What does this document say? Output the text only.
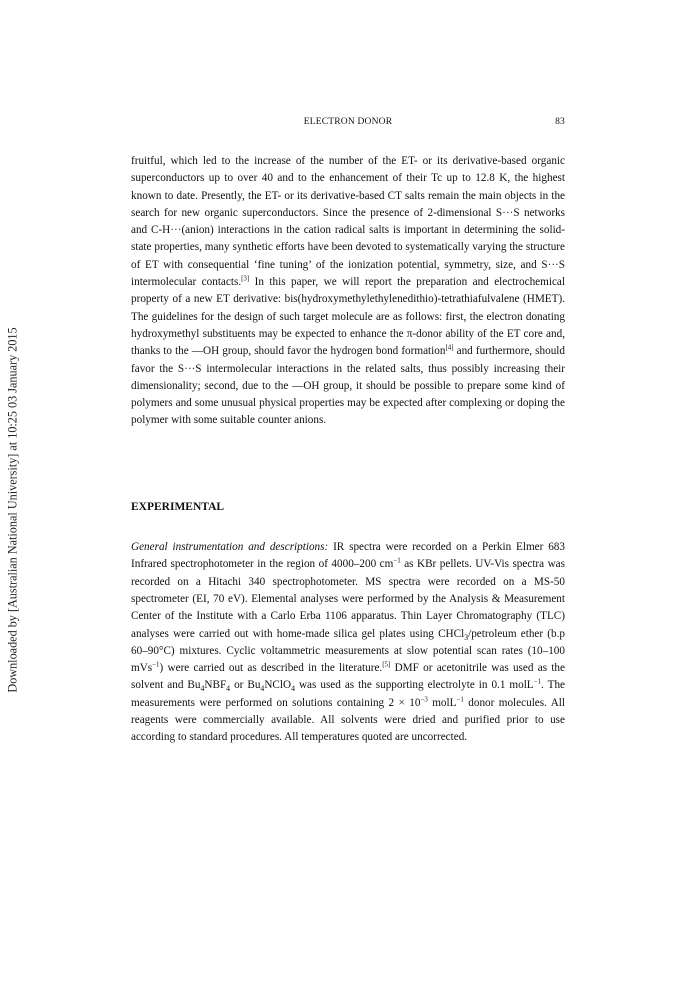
Downloaded by [Australian National University] at 10:25 03 January 2015
ELECTRON DONOR	83

fruitful, which led to the increase of the number of the ET- or its derivative-based organic superconductors up to over 40 and to the enhancement of their Tc up to 12.8 K, the highest known to date. Presently, the ET- or its derivative-based CT salts remain the main objects in the search for new organic superconductors. Since the presence of 2-dimensional S···S networks and C-H···(anion) interactions in the cation radical salts is important in determining the solid-state properties, many synthetic efforts have been devoted to systematically varying the structure of ET with consequential ‘fine tuning’ of the ionization potential, symmetry, size, and S···S intermolecular contacts.[3] In this paper, we will report the preparation and electrochemical property of a new ET derivative: bis(hydroxymethylethylenedithio)-tetrathiafulvalene (HMET). The guidelines for the design of such target molecule are as follows: first, the electron donating hydroxymethyl substituents may be expected to enhance the π-donor ability of the ET core and, thanks to the —OH group, should favor the hydrogen bond formation[4] and furthermore, should favor the S···S intermolecular interactions in the related salts, thus possibly increasing their dimensionality; second, due to the —OH group, it should be possible to prepare some kind of polymers and some unusual physical properties may be expected after complexing or doping the polymer with some suitable counter anions.

EXPERIMENTAL

General instrumentation and descriptions: IR spectra were recorded on a Perkin Elmer 683 Infrared spectrophotometer in the region of 4000–200 $cm^{-1}$ as KBr pellets. UV-Vis spectra was recorded on a Hitachi 340 spectrophotometer. MS spectra were recorded on a MS-50 spectrometer (EI, 70 eV). Elemental analyses were performed by the Analysis & Measurement Center of the Institute with a Carlo Erba 1106 apparatus. Thin Layer Chromatography (TLC) analyses were carried out with home-made silica gel plates using CHCl$_3$/petroleum ether (b.p 60–90°C) mixtures. Cyclic voltammetric measurements at slow potential scan rates (10–100 mVs$^{-1}$) were carried out as described in the literature.[5] DMF or acetonitrile was used as the solvent and $Bu_4NBF_4$ or $Bu_4NClO_4$ was used as the supporting electrolyte in 0.1 molL$^{-1}$. The measurements were performed on solutions containing $2 \times 10^{-3}$ molL$^{-1}$ donor molecules. All reagents were commercially available. All solvents were dried and purified prior to use according to standard procedures. All temperatures quoted are uncorrected.
